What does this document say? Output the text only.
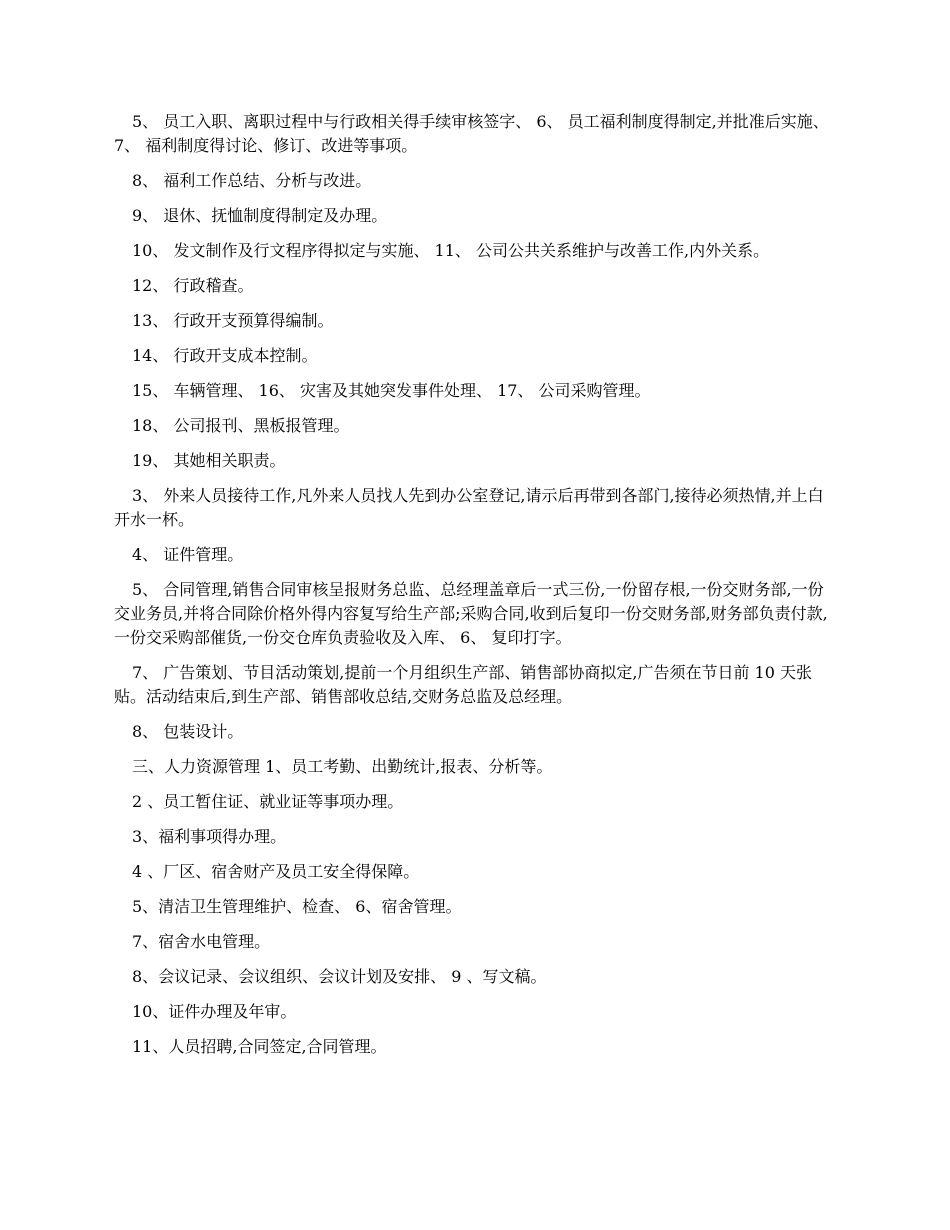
5、 员工入职、离职过程中与行政相关得手续审核签字、 6、 员工福利制度得制定,并批准后实施、 7、 福利制度得讨论、修订、改进等事项。

8、 福利工作总结、分析与改进。

9、 退休、抚恤制度得制定及办理。

10、 发文制作及行文程序得拟定与实施、 11、 公司公共关系维护与改善工作,内外关系。

12、 行政稽查。

13、 行政开支预算得编制。

14、 行政开支成本控制。

15、 车辆管理、 16、 灾害及其她突发事件处理、 17、 公司采购管理。

18、 公司报刊、黑板报管理。

19、 其她相关职责。

3、 外来人员接待工作,凡外来人员找人先到办公室登记,请示后再带到各部门,接待必须热情,并上白开水一杯。

4、 证件管理。

5、 合同管理,销售合同审核呈报财务总监、总经理盖章后一式三份,一份留存根,一份交财务部,一份交业务员,并将合同除价格外得内容复写给生产部;采购合同,收到后复印一份交财务部,财务部负责付款,一份交采购部催货,一份交仓库负责验收及入库、 6、 复印打字。

7、 广告策划、节目活动策划,提前一个月组织生产部、销售部协商拟定,广告须在节日前 10 天张贴。活动结束后,到生产部、销售部收总结,交财务总监及总经理。

8、 包装设计。

三、人力资源管理 1、员工考勤、出勤统计,报表、分析等。

2 、员工暂住证、就业证等事项办理。

3、福利事项得办理。

4 、厂区、宿舍财产及员工安全得保障。

5、清洁卫生管理维护、检查、 6、宿舍管理。

7、宿舍水电管理。

8、会议记录、会议组织、会议计划及安排、 9 、写文稿。

10、证件办理及年审。

11、人员招聘,合同签定,合同管理。
